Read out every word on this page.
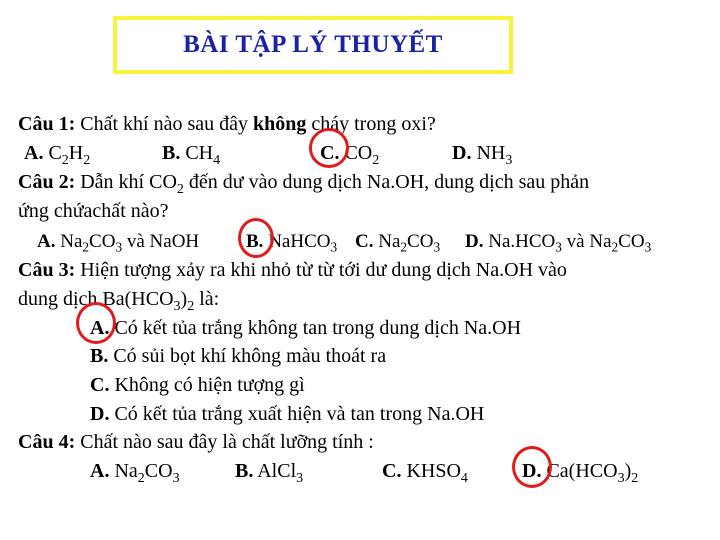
BÀI TẬP LÝ THUYẾT
Câu 1: Chất khí nào sau đây không cháy trong oxi?
A. $C_2H_2$	B. $CH_4$	C. $CO_2$	D. $NH_3$
Câu 2: Dẫn khí $CO_2$ đến dư vào dung dịch Na.OH, dung dịch sau phản
ứng chứachất nào?
A. $Na_2CO_3$ và NaOH B. NaHCO$_3$ C. $Na_2CO_3$ D. $Na.HCO_3$ và $Na_2CO_3$
Câu 3: Hiện tượng xảy ra khi nhỏ từ từ tới dư dung dịch Na.OH vào
dung dịch $Ba(HCO_3)_2$ là:
A. Có kết tủa trắng không tan trong dung dịch Na.OH
B. Có sủi bọt khí không màu thoát ra
C. Không có hiện tượng gì
D. Có kết tủa trắng xuất hiện và tan trong Na.OH
Câu 4: Chất nào sau đây là chất lưỡng tính :
A. $Na_2CO_3$	B. AlCl$_3$	C. $KHSO_4$	D. $Ca(HCO_3)_2$
